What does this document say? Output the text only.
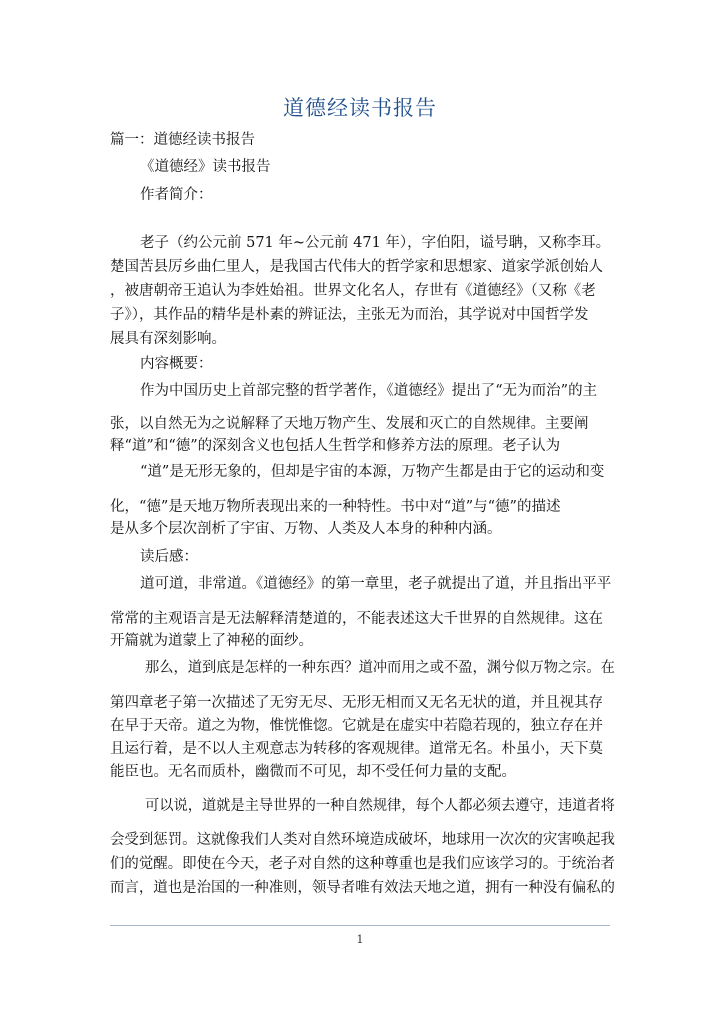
道德经读书报告
篇一：道德经读书报告
《道德经》读书报告
作者简介：
老子（约公元前 571 年~公元前 471 年），字伯阳，谥号聃，又称李耳。
楚国苦县厉乡曲仁里人，是我国古代伟大的哲学家和思想家、道家学派创始人
，被唐朝帝王追认为李姓始祖。世界文化名人，存世有《道德经》（又称《老
子》），其作品的精华是朴素的辨证法，主张无为而治，其学说对中国哲学发
展具有深刻影响。
内容概要：
作为中国历史上首部完整的哲学著作，《道德经》提出了“无为而治”的主
张，以自然无为之说解释了天地万物产生、发展和灭亡的自然规律。主要阐
释“道”和“德”的深刻含义也包括人生哲学和修养方法的原理。老子认为
“道”是无形无象的，但却是宇宙的本源，万物产生都是由于它的运动和变
化，“德”是天地万物所表现出来的一种特性。书中对“道”与“德”的描述
是从多个层次剖析了宇宙、万物、人类及人本身的种种内涵。
读后感：
道可道，非常道。《道德经》的第一章里，老子就提出了道，并且指出平平
常常的主观语言是无法解释清楚道的，不能表述这大千世界的自然规律。这在
开篇就为道蒙上了神秘的面纱。
那么，道到底是怎样的一种东西？道冲而用之或不盈，渊兮似万物之宗。在
第四章老子第一次描述了无穷无尽、无形无相而又无名无状的道，并且视其存
在早于天帝。道之为物，惟恍惟惚。它就是在虚实中若隐若现的，独立存在并
且运行着，是不以人主观意志为转移的客观规律。道常无名。朴虽小，天下莫
能臣也。无名而质朴，幽微而不可见，却不受任何力量的支配。
可以说，道就是主导世界的一种自然规律，每个人都必须去遵守，违道者将
会受到惩罚。这就像我们人类对自然环境造成破坏，地球用一次次的灾害唤起我
们的觉醒。即使在今天，老子对自然的这种尊重也是我们应该学习的。于统治者
而言，道也是治国的一种准则，领导者唯有效法天地之道，拥有一种没有偏私的
1
